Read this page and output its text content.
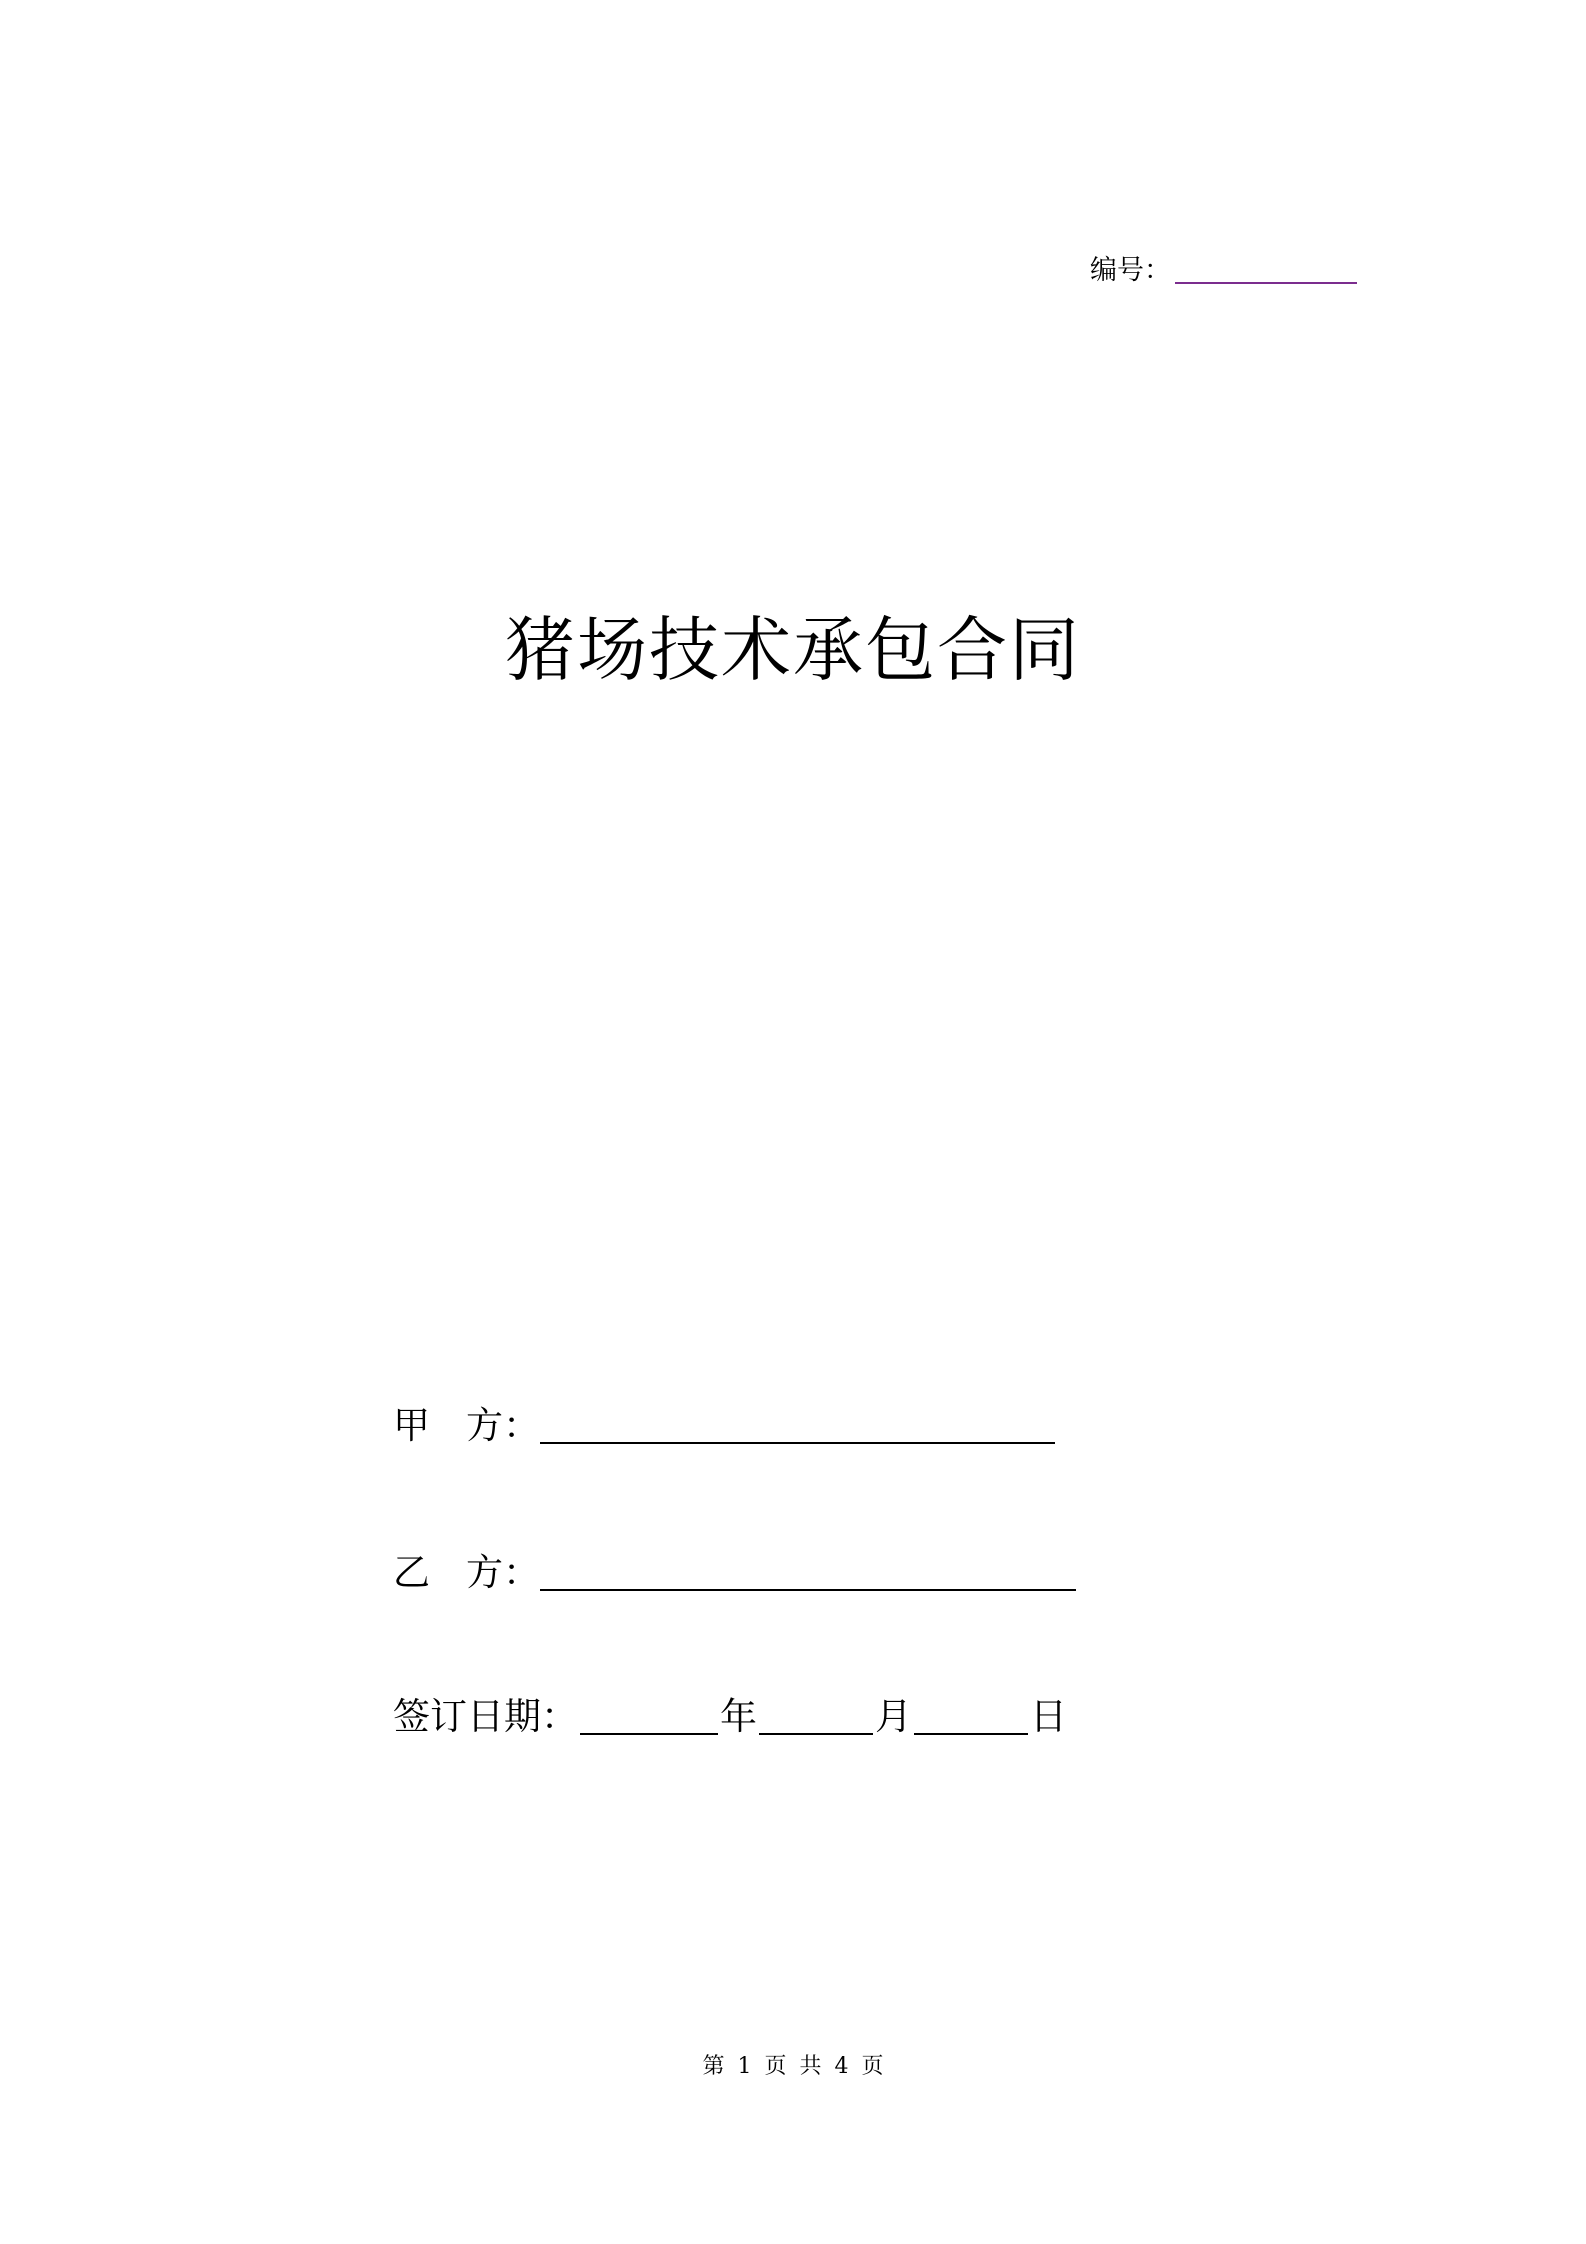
编号：
猪场技术承包合同
甲 方：
乙 方：
签订日期：	年	月	日
第 1 页 共 4 页
